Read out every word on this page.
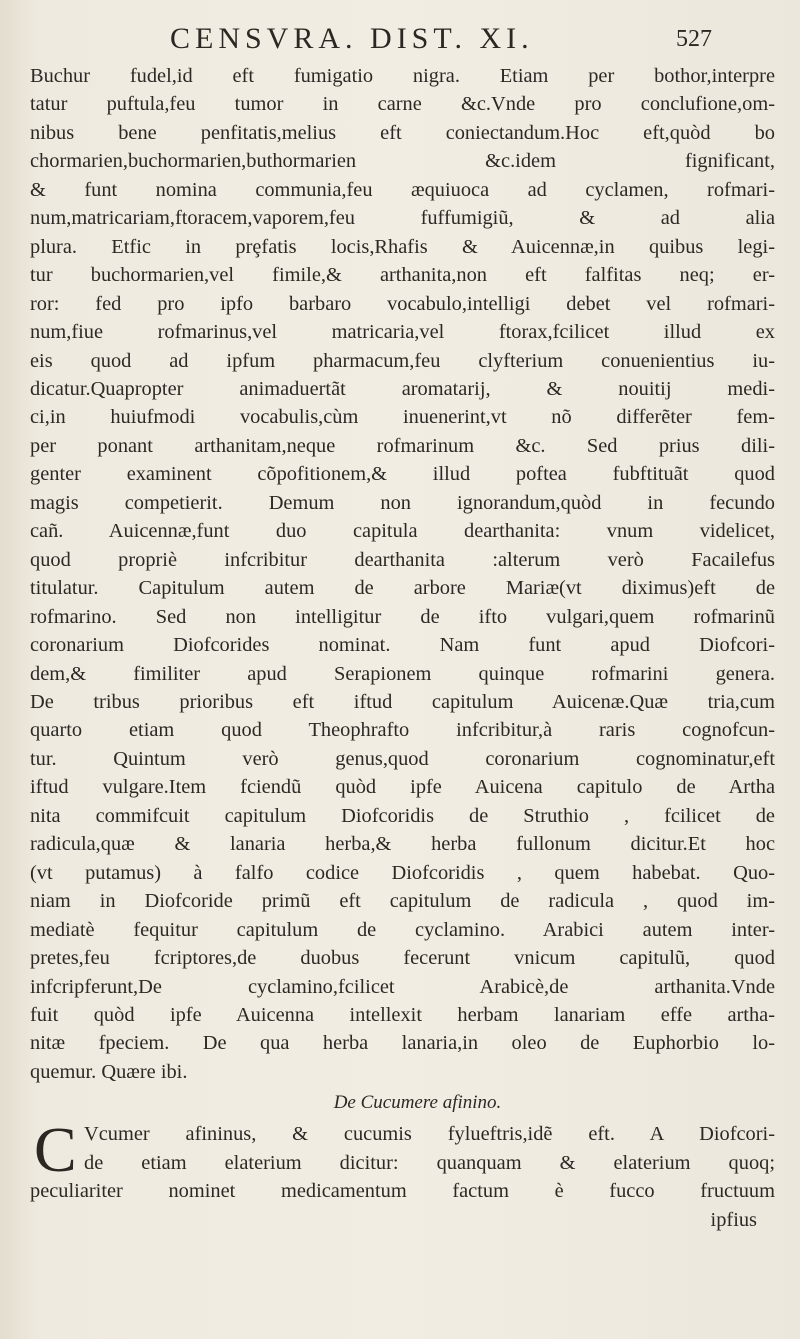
CENSVRA. DIST. XI.	527
Buchur fudel,id eft fumigatio nigra. Etiam per bothor,interpre
tatur puftula,feu tumor in carne &c.Vnde pro conclufione,om-
nibus bene penfitatis,melius eft coniectandum.Hoc eft,quòd bo
chormarien,buchormarien,buthormarien &c.idem fignificant,
& funt nomina communia,feu æquiuoca ad cyclamen, rofmari-
num,matricariam,ftoracem,vaporem,feu fuffumigiũ, & ad alia
plura. Etfic in prȩfatis locis,Rhafis & Auicennæ,in quibus legi-
tur buchormarien,vel fimile,& arthanita,non eft falfitas neq; er-
ror: fed pro ipfo barbaro vocabulo,intelligi debet vel rofmari-
num,fiue rofmarinus,vel matricaria,vel ftorax,fcilicet illud ex
eis quod ad ipfum pharmacum,feu clyfterium conuenientius iu-
dicatur.Quapropter animaduertãt aromatarij, & nouitij medi-
ci,in huiufmodi vocabulis,cùm inuenerint,vt nõ differẽter fem-
per ponant arthanitam,neque rofmarinum &c. Sed prius dili-
genter examinent cõpofitionem,& illud poftea fubftituãt quod
magis competierit. Demum non ignorandum,quòd in fecundo
cañ. Auicennæ,funt duo capitula dearthanita: vnum videlicet,
quod propriè infcribitur dearthanita :alterum verò Facailefus
titulatur. Capitulum autem de arbore Mariæ(vt diximus)eft de
rofmarino. Sed non intelligitur de ifto vulgari,quem rofmarinũ
coronarium Diofcorides nominat. Nam funt apud Diofcori-
dem,& fimiliter apud Serapionem quinque rofmarini genera.
De tribus prioribus eft iftud capitulum Auicenæ.Quæ tria,cum
quarto etiam quod Theophrafto infcribitur,à raris cognofcun-
tur. Quintum verò genus,quod coronarium cognominatur,eft
iftud vulgare.Item fciendũ quòd ipfe Auicena capitulo de Artha
nita commifcuit capitulum Diofcoridis de Struthio , fcilicet de
radicula,quæ & lanaria herba,& herba fullonum dicitur.Et hoc
(vt putamus) à falfo codice Diofcoridis , quem habebat. Quo-
niam in Diofcoride primũ eft capitulum de radicula , quod im-
mediatè fequitur capitulum de cyclamino. Arabici autem inter-
pretes,feu fcriptores,de duobus fecerunt vnicum capitulũ, quod
infcripferunt,De cyclamino,fcilicet Arabicè,de arthanita.Vnde
fuit quòd ipfe Auicenna intellexit herbam lanariam effe artha-
nitæ fpeciem. De qua herba lanaria,in oleo de Euphorbio lo-
quemur. Quære ibi.
De Cucumere afinino.
C Vcumer afininus, & cucumis fylueftris,idẽ eft. A Diofcori-
de etiam elaterium dicitur: quanquam & elaterium quoq;
peculiariter nominet medicamentum factum è fucco fructuum
ipfius
